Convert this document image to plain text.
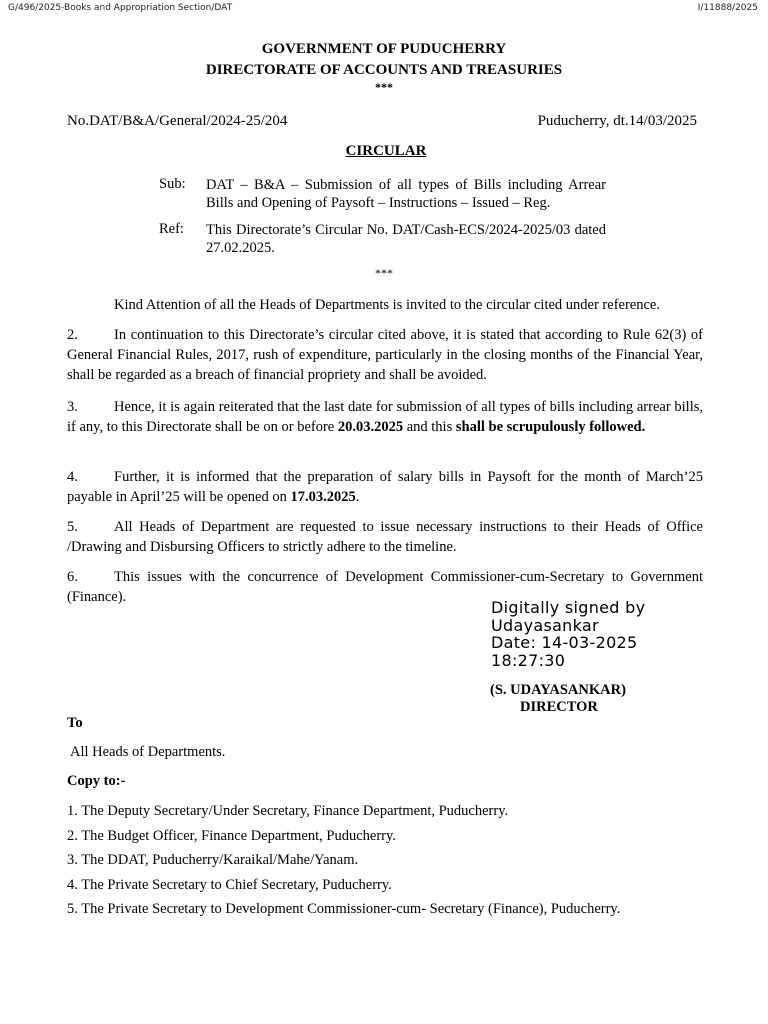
G/496/2025-Books and Appropriation Section/DAT	I/11888/2025
GOVERNMENT OF PUDUCHERRY
DIRECTORATE OF ACCOUNTS AND TREASURIES
***
No.DAT/B&A/General/2024-25/204	Puducherry, dt.14/03/2025
CIRCULAR
Sub: DAT – B&A – Submission of all types of Bills including Arrear Bills and Opening of Paysoft – Instructions – Issued – Reg.
Ref: This Directorate’s Circular No. DAT/Cash-ECS/2024-2025/03 dated 27.02.2025.
***
Kind Attention of all the Heads of Departments is invited to the circular cited under reference.
2. In continuation to this Directorate’s circular cited above, it is stated that according to Rule 62(3) of General Financial Rules, 2017, rush of expenditure, particularly in the closing months of the Financial Year, shall be regarded as a breach of financial propriety and shall be avoided.
3. Hence, it is again reiterated that the last date for submission of all types of bills including arrear bills, if any, to this Directorate shall be on or before 20.03.2025 and this shall be scrupulously followed.
4. Further, it is informed that the preparation of salary bills in Paysoft for the month of March’25 payable in April’25 will be opened on 17.03.2025.
5. All Heads of Department are requested to issue necessary instructions to their Heads of Office /Drawing and Disbursing Officers to strictly adhere to the timeline.
6. This issues with the concurrence of Development Commissioner-cum-Secretary to Government (Finance).
Digitally signed by
Udayasankar
Date: 14-03-2025
18:27:30
(S. UDAYASANKAR)
DIRECTOR
To
All Heads of Departments.
Copy to:-
1. The Deputy Secretary/Under Secretary, Finance Department, Puducherry.
2. The Budget Officer, Finance Department, Puducherry.
3. The DDAT, Puducherry/Karaikal/Mahe/Yanam.
4. The Private Secretary to Chief Secretary, Puducherry.
5. The Private Secretary to Development Commissioner-cum- Secretary (Finance), Puducherry.
